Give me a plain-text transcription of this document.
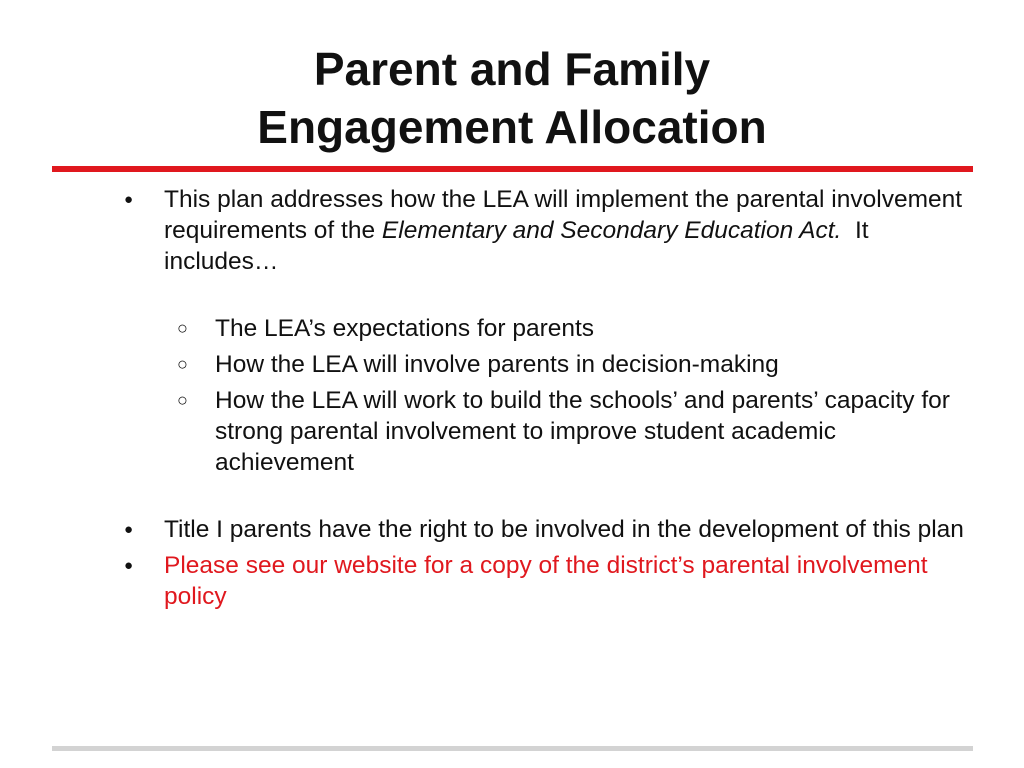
Parent and Family
Engagement Allocation
● This plan addresses how the LEA will implement the parental involvement requirements of the Elementary and Secondary Education Act.  It includes…
○ The LEA’s expectations for parents
○ How the LEA will involve parents in decision-making
○ How the LEA will work to build the schools’ and parents’ capacity for strong parental involvement to improve student academic achievement
● Title I parents have the right to be involved in the development of this plan
● Please see our website for a copy of the district’s parental involvement policy
